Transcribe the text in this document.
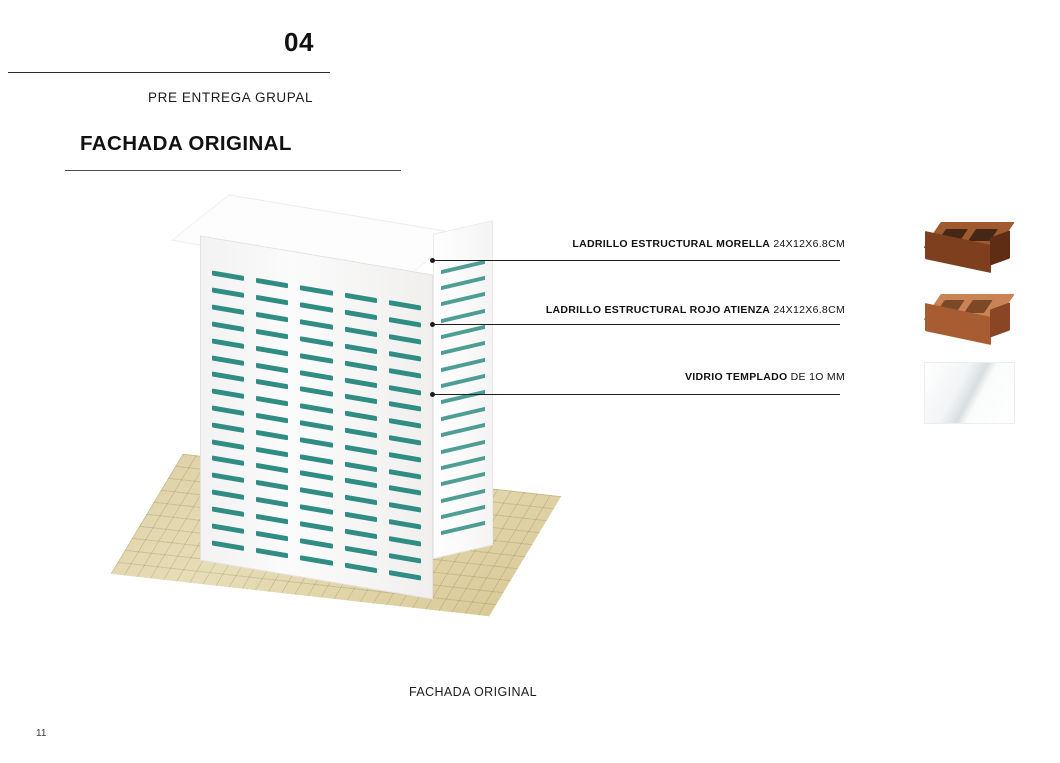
04
PRE ENTREGA GRUPAL
FACHADA ORIGINAL
LADRILLO ESTRUCTURAL MORELLA 24X12X6.8CM
LADRILLO ESTRUCTURAL ROJO ATIENZA 24X12X6.8CM
VIDRIO TEMPLADO DE 1O MM
FACHADA ORIGINAL
11
